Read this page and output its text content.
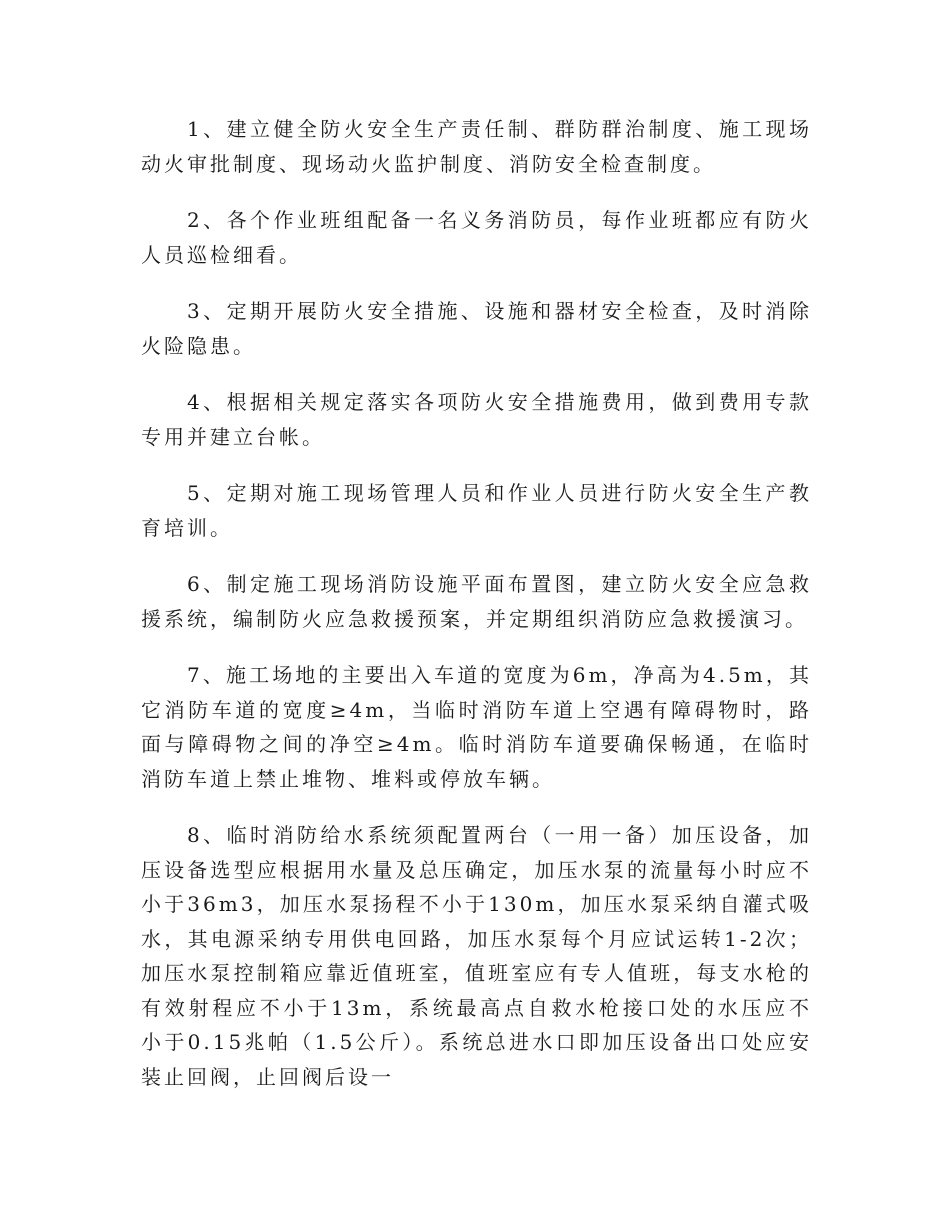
1、建立健全防火安全生产责任制、群防群治制度、施工现场动火审批制度、现场动火监护制度、消防安全检查制度。

2、各个作业班组配备一名义务消防员，每作业班都应有防火人员巡检细看。

3、定期开展防火安全措施、设施和器材安全检查，及时消除火险隐患。

4、根据相关规定落实各项防火安全措施费用，做到费用专款专用并建立台帐。

5、定期对施工现场管理人员和作业人员进行防火安全生产教育培训。

6、制定施工现场消防设施平面布置图，建立防火安全应急救援系统，编制防火应急救援预案，并定期组织消防应急救援演习。

7、施工场地的主要出入车道的宽度为6m，净高为4.5m，其它消防车道的宽度≥4m，当临时消防车道上空遇有障碍物时，路面与障碍物之间的净空≥4m。临时消防车道要确保畅通，在临时消防车道上禁止堆物、堆料或停放车辆。

8、临时消防给水系统须配置两台（一用一备）加压设备，加压设备选型应根据用水量及总压确定，加压水泵的流量每小时应不小于36m3，加压水泵扬程不小于130m，加压水泵采纳自灌式吸水，其电源采纳专用供电回路，加压水泵每个月应试运转1-2次；加压水泵控制箱应靠近值班室，值班室应有专人值班，每支水枪的有效射程应不小于13m，系统最高点自救水枪接口处的水压应不小于0.15兆帕（1.5公斤）。系统总进水口即加压设备出口处应安装止回阀，止回阀后设一
